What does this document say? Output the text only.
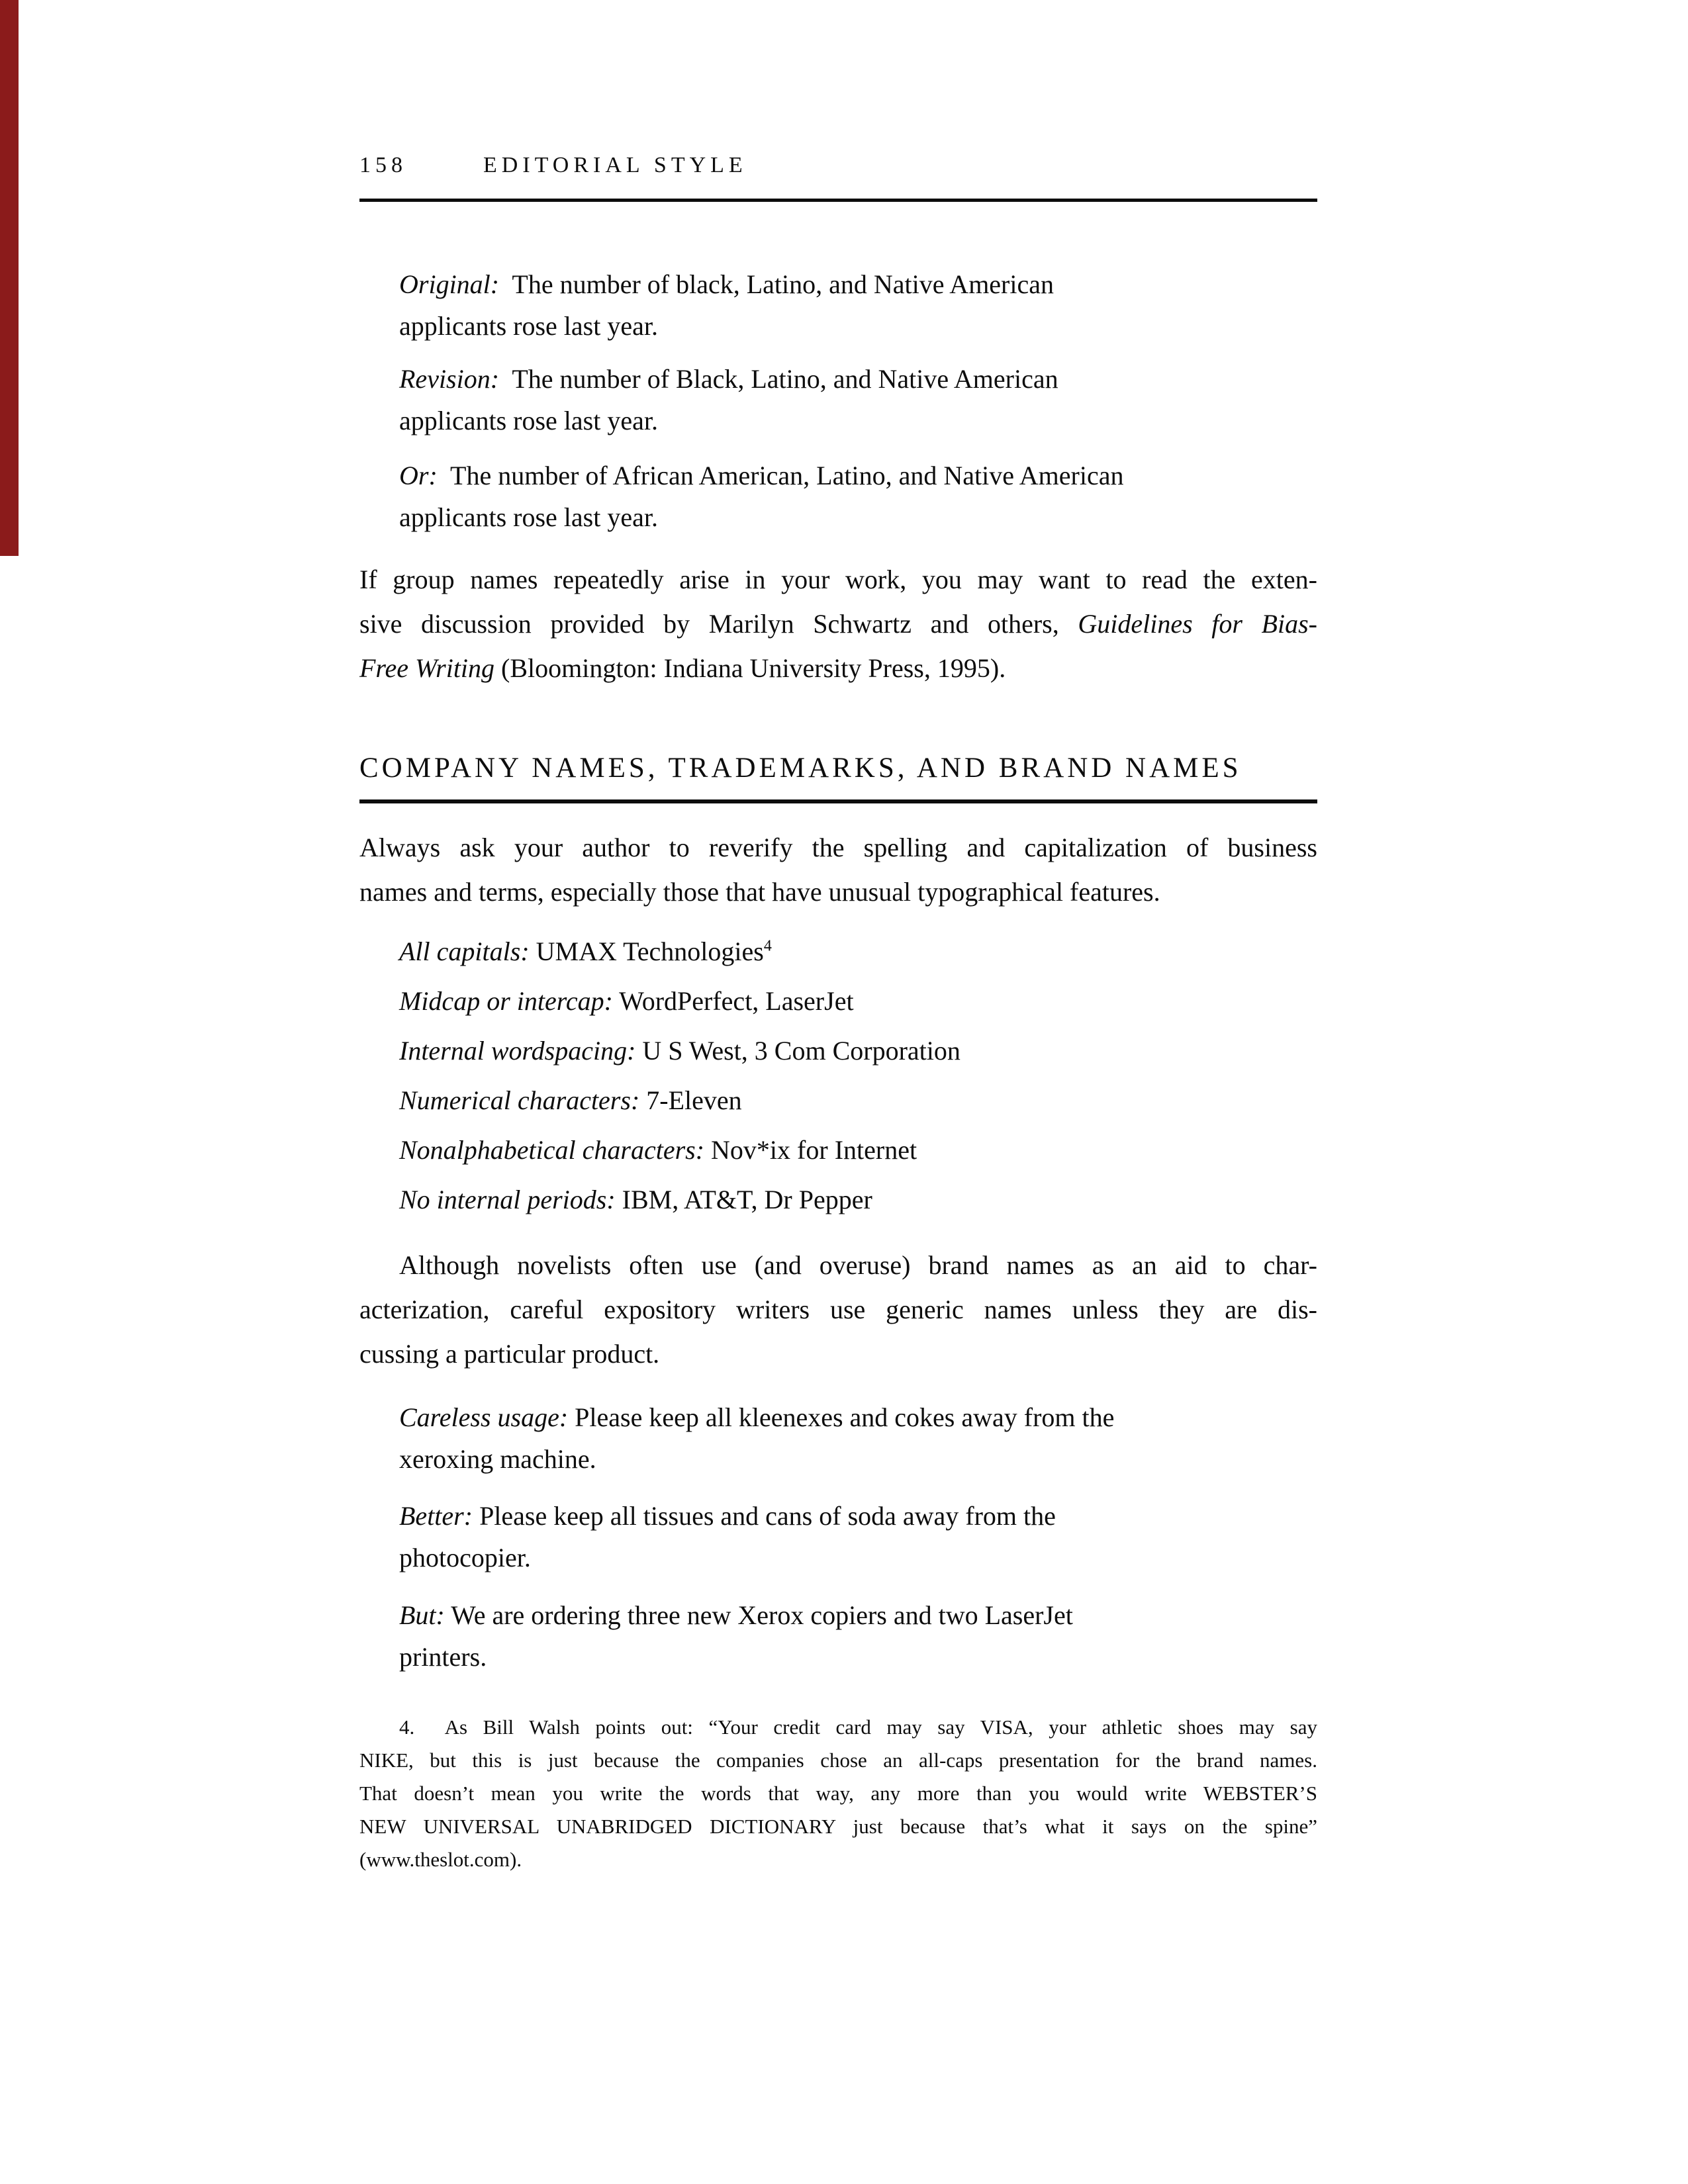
158	EDITORIAL STYLE
Original:  The number of black, Latino, and Native American
applicants rose last year.
Revision:  The number of Black, Latino, and Native American
applicants rose last year.
Or:  The number of African American, Latino, and Native American
applicants rose last year.
If group names repeatedly arise in your work, you may want to read the exten-
sive discussion provided by Marilyn Schwartz and others, Guidelines for Bias-
Free Writing (Bloomington: Indiana University Press, 1995).
COMPANY NAMES, TRADEMARKS, AND BRAND NAMES
Always ask your author to reverify the spelling and capitalization of business
names and terms, especially those that have unusual typographical features.
All capitals: UMAX Technologies$^4$
Midcap or intercap: WordPerfect, LaserJet
Internal wordspacing: U S West, 3 Com Corporation
Numerical characters: 7-Eleven
Nonalphabetical characters: Nov*ix for Internet
No internal periods: IBM, AT&T, Dr Pepper
Although novelists often use (and overuse) brand names as an aid to char-
acterization, careful expository writers use generic names unless they are dis-
cussing a particular product.
Careless usage: Please keep all kleenexes and cokes away from the
xeroxing machine.
Better: Please keep all tissues and cans of soda away from the
photocopier.
But: We are ordering three new Xerox copiers and two LaserJet
printers.
4.  As Bill Walsh points out: “Your credit card may say VISA, your athletic shoes may say
NIKE, but this is just because the companies chose an all-caps presentation for the brand names.
That doesn’t mean you write the words that way, any more than you would write WEBSTER’S
NEW UNIVERSAL UNABRIDGED DICTIONARY just because that’s what it says on the spine”
(www.theslot.com).
